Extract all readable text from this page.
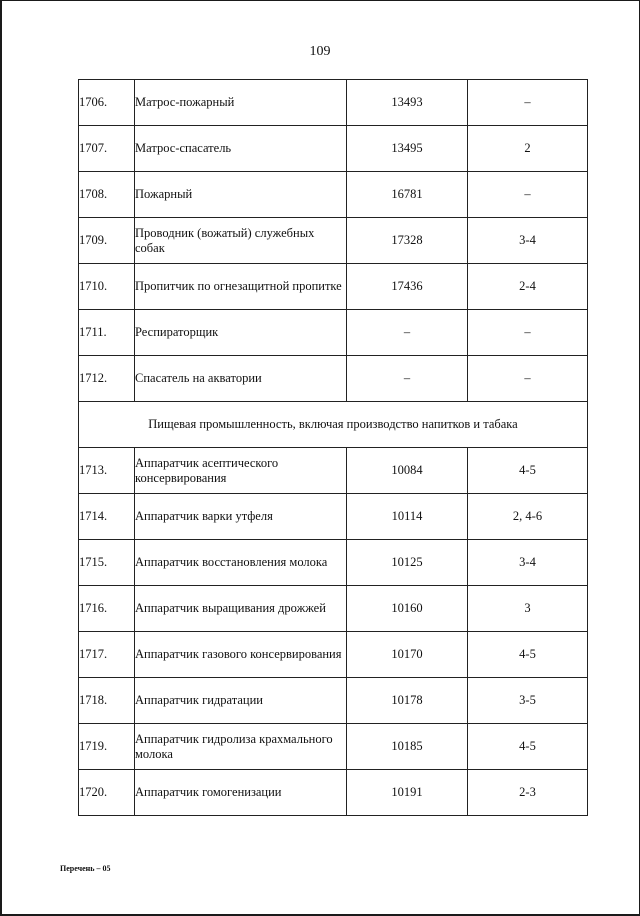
109
1706.	Матрос-пожарный	13493	–
1707.	Матрос-спасатель	13495	2
1708.	Пожарный	16781	–
1709.	Проводник (вожатый) служебных собак	17328	3-4
1710.	Пропитчик по огнезащитной пропитке	17436	2-4
1711.	Респираторщик	–	–
1712.	Спасатель на акватории	–	–
Пищевая промышленность, включая производство напитков и табака			
1713.	Аппаратчик асептического консервирования	10084	4-5
1714.	Аппаратчик варки утфеля	10114	2, 4-6
1715.	Аппаратчик восстановления молока	10125	3-4
1716.	Аппаратчик выращивания дрожжей	10160	3
1717.	Аппаратчик газового консервирования	10170	4-5
1718.	Аппаратчик гидратации	10178	3-5
1719.	Аппаратчик гидролиза крахмального молока	10185	4-5
1720.	Аппаратчик гомогенизации	10191	2-3
Перечень – 05
